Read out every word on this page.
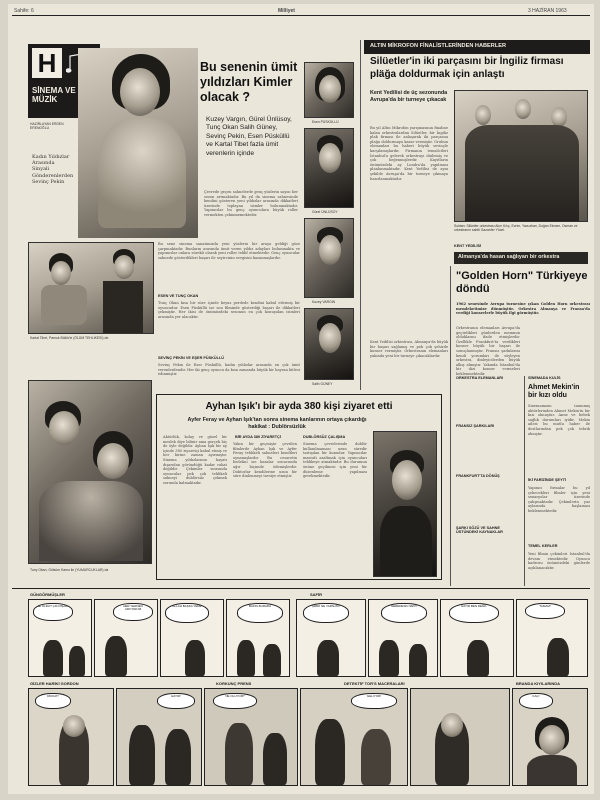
Sahife: 6	Milliyet	3 HAZİRAN 1963
H
SİNEMA VE MÜZİK
HAZIRLAYAN ERDEN ERENOĞLU
Kadın Yıldızlar Arasında Sinyali Gönderenlerden Sevinç Pekin
Bu senenin ümit yıldızları Kimler olacak ?
Kuzey Vargın, Gürel Ünlüsoy, Tunç Okan Salih Güney, Sevinç Pekin, Esen Püsküllü ve Kartal Tibet fazla ümit verenlerin içinde
Çevrede geçen sahnelerde genç yüzlerin sayısı her sezon artmaktadır. Bu yıl da sinema sahnesinde kendini gösteren yeni yıldızlar arasında dikkatleri üzerinde toplayan isimler bulunmaktadır. Yapımcılar bu genç oyunculara büyük roller vermekten çekinmemektedir.
Esen PÜSKÜLLÜ
Gürel ÜNLÜSOY
Kuzey VARGIN
Salih GÜNEY
Bu sene sinema sanatımızda yeni yüzlerin bir araya geldiği göze çarpmaktadır. Bunların arasında ümit veren yıldız adayları bulunmakta ve yapımcılar onlara sürekli olarak yeni roller teklif etmektedir. Genç oyuncular sahnede gösterdikleri başarı ile seyircinin sevgisini kazanmışlardır.
ESEN VE TUNÇ OKAN
Tunç Okan kısa bir süre içinde beyaz perdede kendini kabul ettirmiş bir oyuncudur. Esen Püsküllü ise son filminde gösterdiği başarı ile dikkatleri çekmiştir. Her ikisi de önümüzdeki sezonun en çok konuşulan isimleri arasında yer alacaktır.
SEVİNÇ PEKİN VE EŞER PÜSKÜLLÜ
Sevinç Pekin ile Eser Püsküllü, kadın yıldızlar arasında en çok ümit verenlerdendir. Her iki genç oyuncu da kısa zamanda büyük bir hayran kitlesi edinmiştir.
Kartal Tibet, Pamuk Bölük'le (ÖLÜM TEHLİKESİ) de.
Tunç Okan, Gülsüm Kamu ile (YUMURCUKLAR) da
Ayhan Işık'ı bir ayda 380 kişi ziyaret etti
Ayfer Feray ve Ayhan Işık'tan sonra sinema kanlarının ortaya çıkardığı hakikat : Dublörsüzlük
Aktörlük, kolay ve güzel bir meslek diye bilinir ama gerçek hiç de öyle değildir. Ayhan Işık bir ay içinde 380 ziyaretçi kabul etmiş ve her birine zaman ayırmıştır. Sinema yıldızlarının hayatı dışarıdan göründüğü kadar rahat değildir. Çekimler sırasında oyuncular pek çok tehlikeli sahneyi dublörsüz çekmek zorunda kalmaktadır.
BİR AYDA 380 ZİYARETÇİ
Yakın bir geçmişte çevrilen filmlerde Ayhan Işık ve Ayfer Feray tehlikeli sahneleri kendileri oynamışlardır. Bu cesaretin bedelini ise kazalar sonucunda ağır biçimde ödemişlerdir. Doktorlar kendilerine uzun bir süre dinlenmeyi tavsiye etmiştir.
DUBLÖRSÜZ ÇALIŞMA
Sinema çevrelerinde dublör kullanılmaması uzun süredir tartışılan bir konudur. Yapımcılar masrafı azaltmak için oyuncuları tehlikeye atmaktadır. Bu durumun önüne geçilmesi için yeni bir düzenleme yapılması gerekmektedir.
ALTIN MİKROFON FİNALİSTLERİNDEN HABERLER
Silüetler'in iki parçasını bir İngiliz firması pläğa doldurmak için anlaştı
Kent Yedilisi de üç sezonunda Avrupa'da bir turneye çıkacak
Bu yıl Altın Mikrofon yarışmasının finaline kalan orkestralardan Silüetler, bir İngiliz plak firması ile anlaşarak iki parçasını plağa doldurmaya karar vermiştir. Grubun elemanları bu haberi büyük sevinçle karşılamışlardır. Firmanın temsilcileri İstanbul'a gelerek orkestrayı dinlemiş ve çok beğenmişlerdir. Kayıtların önümüzdeki ay Londra'da yapılması planlanmaktadır. Kent Yedilisi de aynı şekilde Avrupa'da bir turneye çıkmaya hazırlanmaktadır.
Soldan: Silüetler orkestrası Akın Kılıç, Evrim, Yavuzhan, Doğan Ekmen, Osman ve orkestranın sabiti Gazanfer Yücel.
KENT YEDİLİSİ
Almanya'da hasan sağlıyan bir orkestra
Kent Yedilisi orkestrası, Almanya'da büyük bir başarı sağlamış ve pek çok şehirde konser vermiştir. Orkestranın elemanları yakında yeni bir turneye çıkacaklardır.
"Golden Horn" Türkiyeye döndü
1962 senesinde Avrupa turnesine çıkan Golden Horn orkestrası memleketimize dönmüştür. Orkestra Almanya ve Fransa'da verdiği konserlerle büyük ilgi görmüştür.
Orkestranın elemanları Avrupa'da geçirdikleri günlerden memnun olduklarını ifade etmişlerdir. Özellikle Frankfurt'ta verdikleri konser büyük bir başarı ile sonuçlanmıştır. Fransız şarkılarını kendi yorumları ile söyleyen orkestra, dinleyicilerden büyük alkış almıştır. Yakında İstanbul'da bir dizi konser vermeleri beklenmektedir.
ORKESTRA ELEMANLARI
FRANSIZ ŞARKILARI
FRANKFURT'TA DÖNÜŞ
ŞARKI SÖZÜ VE SAHNE ÜSTÜNDEKİ KAYNAKLAR
SİNEMADA KULİS
Ahmet Mekin'in bir kızı oldu
Sinemamızın tanınmış aktörlerinden Ahmet Mekin'in bir kızı olmuştur. Anne ve bebek sağlık durumları iyidir. Mekin ailesi bu mutlu haber ile dostlarından pek çok tebrik almıştır.
İKİ FARİZİNDE ŞEYTİ
Yapımcı firmalar bu yıl çekecekleri filmler için yeni senaryolar üzerinde çalışmaktadır. Çekimlerin yaz aylarında başlaması beklenmektedir.
TEMEL KERLER
Yeni filmin çekimleri İstanbul'da devam etmektedir. Oyuncu kadrosu önümüzdeki günlerde açıklanacaktır.
GÜNGÖRMÜŞLER
NE OLDU? ÇIK DIŞARI!	HER YERDEN ARIYORUM
ALLAH BAŞKA YERE	BAKIN BURADA
SAFİR
ŞİMDİ NE YAPALIM?	NEREDESİN SEN?	HAYIR BEN DEĞİL	TAMAM!
GİZLER HARİKİ GORDON	KORKUNÇ PRENS	DETEKTİF TOR'S MACERALARI	BRANDA KIYILARINDA
DİKKAT!	HAYDİ!	NE OLUYOR?	GELİYOR!	KAÇ!
